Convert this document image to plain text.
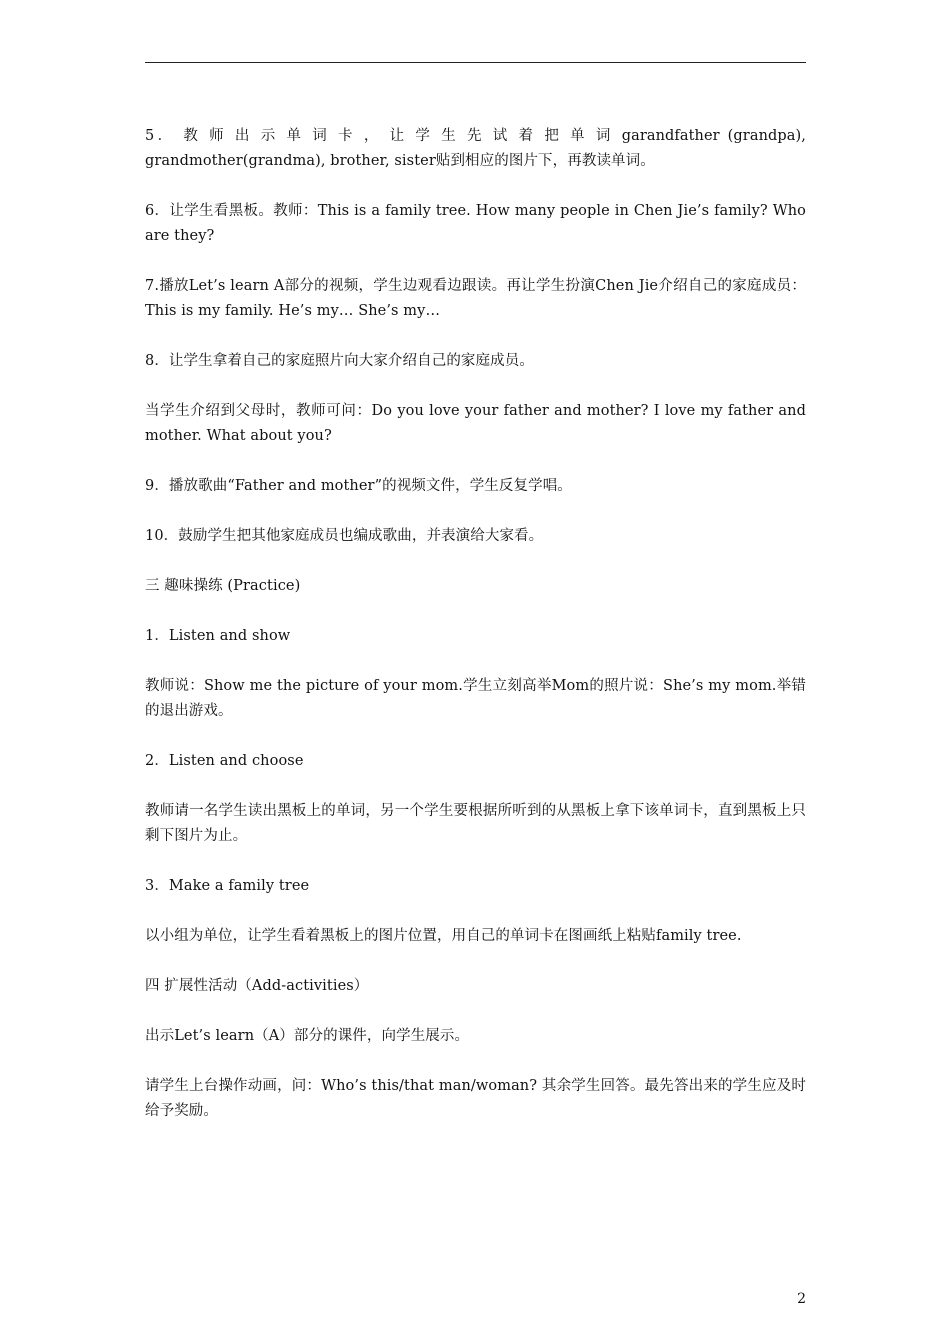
5． 教 师 出 示 单 词 卡 ， 让 学 生 先 试 着 把 单 词 garandfather (grandpa), grandmother(grandma), brother, sister贴到相应的图片下，再教读单词。

6．让学生看黑板。教师：This is a family tree. How many people in Chen Jie’s family? Who are they?

7.播放Let’s learn A部分的视频，学生边观看边跟读。再让学生扮演Chen Jie介绍自己的家庭成员：This is my family. He’s my… She’s my…

8．让学生拿着自己的家庭照片向大家介绍自己的家庭成员。

当学生介绍到父母时，教师可问：Do you love your father and mother? I love my father and mother. What about you?

9．播放歌曲“Father and mother”的视频文件，学生反复学唱。

10．鼓励学生把其他家庭成员也编成歌曲，并表演给大家看。

三 趣味操练 (Practice)

1．Listen and show

教师说：Show me the picture of your mom.学生立刻高举Mom的照片说：She’s my mom.举错的退出游戏。

2．Listen and choose

教师请一名学生读出黑板上的单词，另一个学生要根据所听到的从黑板上拿下该单词卡，直到黑板上只剩下图片为止。

3．Make a family tree

以小组为单位，让学生看着黑板上的图片位置，用自己的单词卡在图画纸上粘贴family tree.

四 扩展性活动（Add-activities）

出示Let’s learn（A）部分的课件，向学生展示。

请学生上台操作动画，问：Who’s this/that man/woman? 其余学生回答。最先答出来的学生应及时给予奖励。

2
